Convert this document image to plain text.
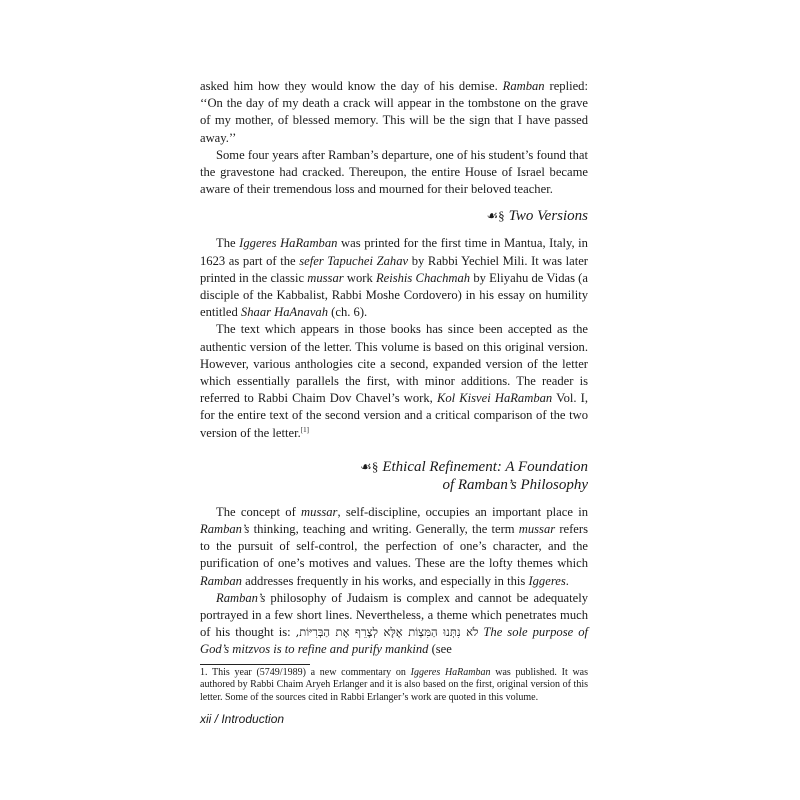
asked him how they would know the day of his demise. Ramban replied: ‘‘On the day of my death a crack will appear in the tombstone on the grave of my mother, of blessed memory. This will be the sign that I have passed away.’’

Some four years after Ramban’s departure, one of his student’s found that the gravestone had cracked. Thereupon, the entire House of Israel became aware of their tremendous loss and mourned for their beloved teacher.

☙§ Two Versions

The Iggeres HaRamban was printed for the first time in Mantua, Italy, in 1623 as part of the sefer Tapuchei Zahav by Rabbi Yechiel Mili. It was later printed in the classic mussar work Reishis Chachmah by Eliyahu de Vidas (a disciple of the Kabbalist, Rabbi Moshe Cordovero) in his essay on humility entitled Shaar HaAnavah (ch. 6).

The text which appears in those books has since been accepted as the authentic version of the letter. This volume is based on this original version. However, various anthologies cite a second, expanded version of the letter which essentially parallels the first, with minor additions. The reader is referred to Rabbi Chaim Dov Chavel’s work, Kol Kisvei HaRamban Vol. I, for the entire text of the second version and a critical comparison of the two version of the letter.[1]

☙§ Ethical Refinement: A Foundation
of Ramban’s Philosophy

The concept of mussar, self-discipline, occupies an important place in Ramban’s thinking, teaching and writing. Generally, the term mussar refers to the pursuit of self-control, the perfection of one’s character, and the purification of one’s motives and values. These are the lofty themes which Ramban addresses frequently in his works, and especially in this Iggeres.

Ramban’s philosophy of Judaism is complex and cannot be adequately portrayed in a few short lines. Nevertheless, a theme which penetrates much of his thought is: לֹא נִתְּנוּ הַמִּצְוֹת אֶלָּא לְצָרֵף אֶת הַבְּרִיּוֹת, The sole purpose of God’s mitzvos is to refine and purify mankind (see

1. This year (5749/1989) a new commentary on Iggeres HaRamban was published. It was authored by Rabbi Chaim Aryeh Erlanger and it is also based on the first, original version of this letter. Some of the sources cited in Rabbi Erlanger’s work are quoted in this volume.

xii / Introduction
